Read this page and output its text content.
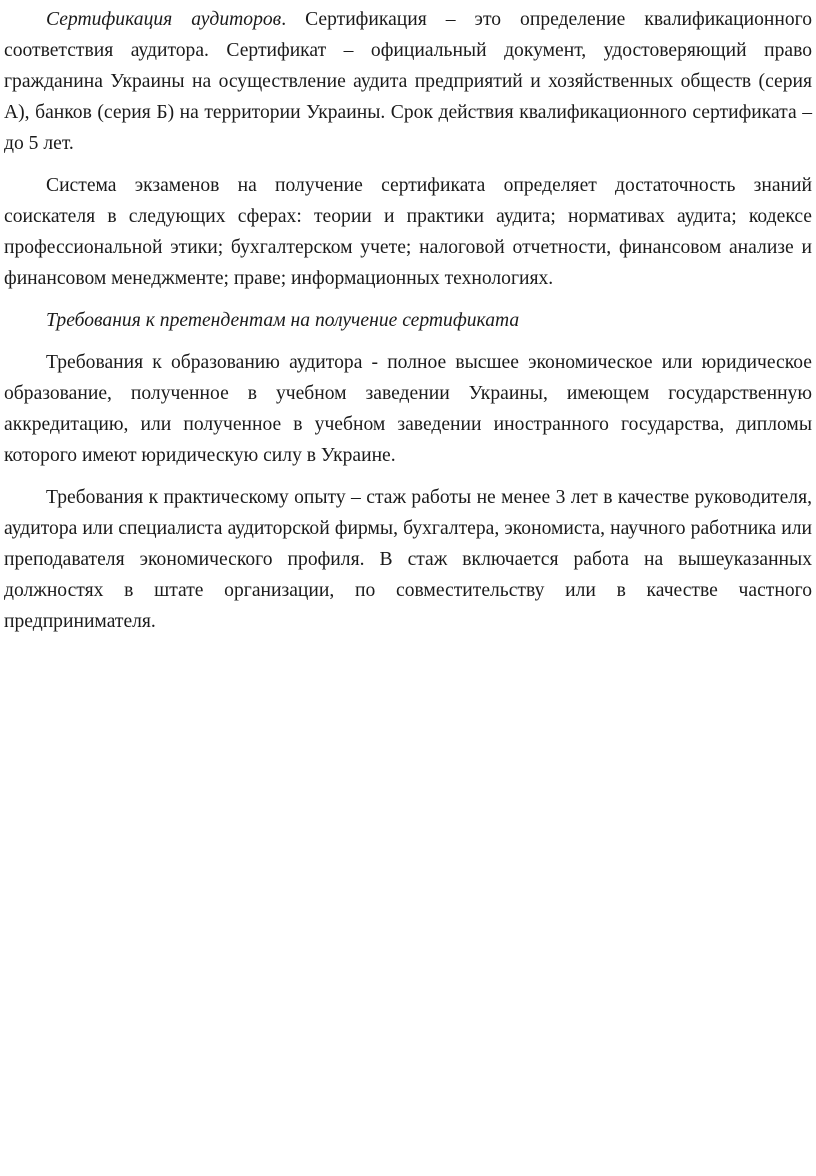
Сертификация аудиторов. Сертификация – это определение квалификационного соответствия аудитора. Сертификат – официальный документ, удостоверяющий право гражданина Украины на осуществление аудита предприятий и хозяйственных обществ (серия А), банков (серия Б) на территории Украины. Срок действия квалификационного сертификата – до 5 лет.

Система экзаменов на получение сертификата определяет достаточность знаний соискателя в следующих сферах: теории и практики аудита; нормативах аудита; кодексе профессиональной этики; бухгалтерском учете; налоговой отчетности, финансовом анализе и финансовом менеджменте; праве; информационных технологиях.

Требования к претендентам на получение сертификата

Требования к образованию аудитора - полное высшее экономическое или юридическое образование, полученное в учебном заведении Украины, имеющем государственную аккредитацию, или полученное в учебном заведении иностранного государства, дипломы которого имеют юридическую силу в Украине.

Требования к практическому опыту – стаж работы не менее 3 лет в качестве руководителя, аудитора или специалиста аудиторской фирмы, бухгалтера, экономиста, научного работника или преподавателя экономического профиля. В стаж включается работа на вышеуказанных должностях в штате организации, по совместительству или в качестве частного предпринимателя.
